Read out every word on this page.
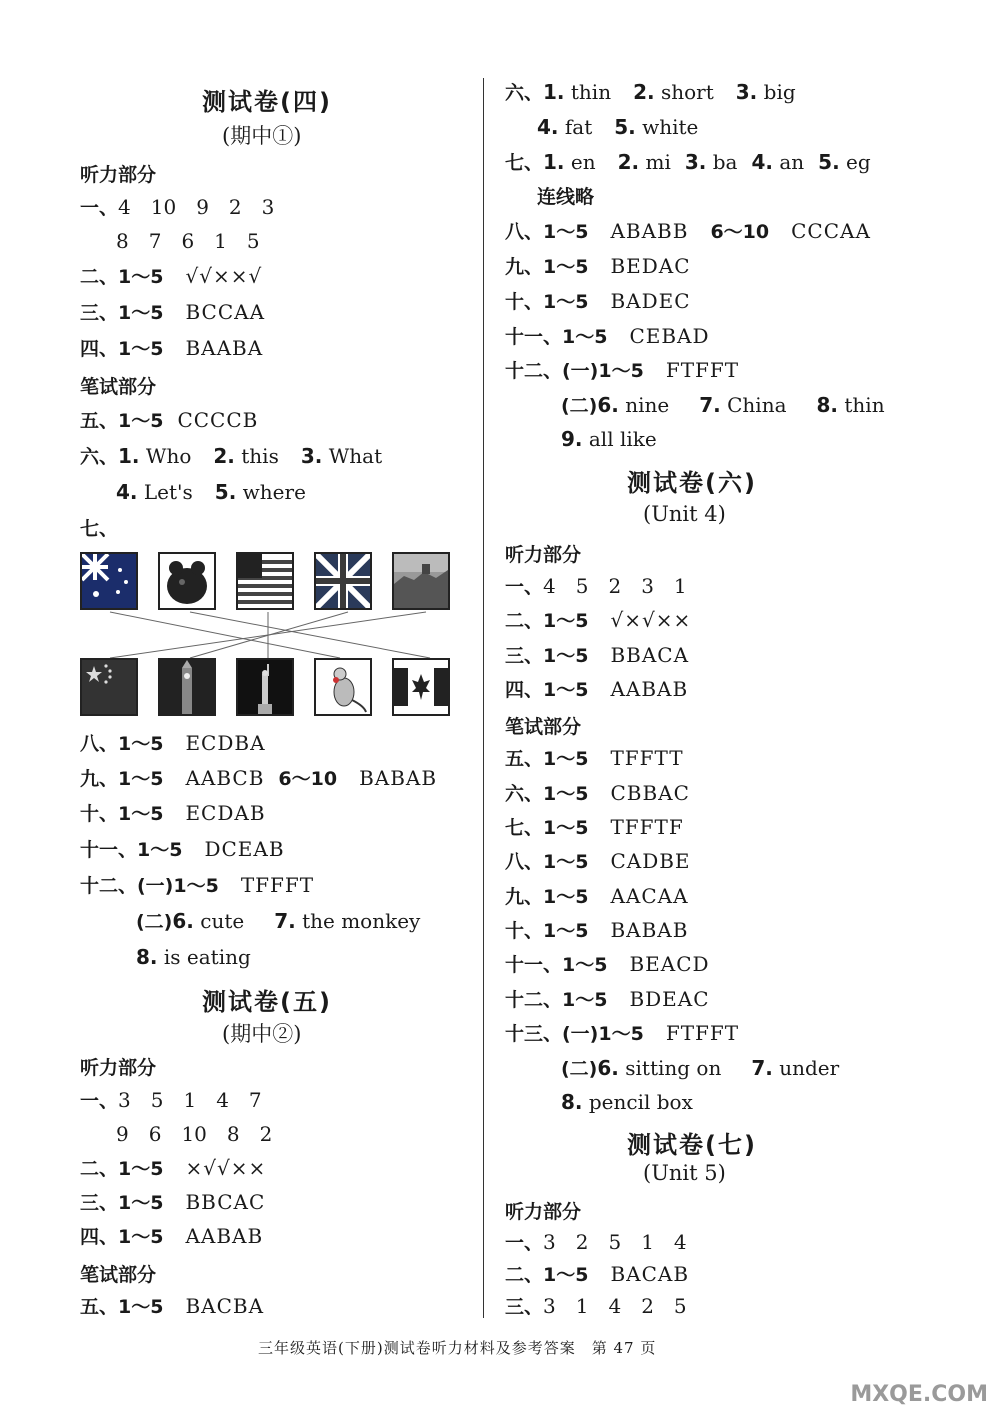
测试卷(四)
(期中①)
听力部分
一、4　10　9　2　3
8　7　6　1　5
二、1～5 √√××√
三、1～5 BCCAA
四、1～5 BAABA
笔试部分
五、1～5 CCCCB
六、1. Who 2. this 3. What
4. Let's 5. where
七、
八、1～5 ECDBA
九、1～5 AABCB 6～10 BABAB
十、1～5 ECDAB
十一、1～5 DCEAB
十二、(一)1～5 TFFFT
(二)6. cute 7. the monkey
8. is eating
测试卷(五)
(期中②)
听力部分
一、3　5　1　4　7
9　6　10　8　2
二、1～5 ×√√××
三、1～5 BBCAC
四、1～5 AABAB
笔试部分
五、1～5 BACBA
六、1. thin 2. short 3. big
4. fat 5. white
七、1. en 2. mi 3. ba 4. an 5. eg
连线略
八、1～5 ABABB 6～10 CCCAA
九、1～5 BEDAC
十、1～5 BADEC
十一、1～5 CEBAD
十二、(一)1～5 FTFFT
(二)6. nine 7. China 8. thin
9. all like
测试卷(六)
(Unit 4)
听力部分
一、4　5　2　3　1
二、1～5 √×√××
三、1～5 BBACA
四、1～5 AABAB
笔试部分
五、1～5 TFFTT
六、1～5 CBBAC
七、1～5 TFFTF
八、1～5 CADBE
九、1～5 AACAA
十、1～5 BABAB
十一、1～5 BEACD
十二、1～5 BDEAC
十三、(一)1～5 FTFFT
(二)6. sitting on 7. under
8. pencil box
测试卷(七)
(Unit 5)
听力部分
一、3　2　5　1　4
二、1～5 BACAB
三、3　1　4　2　5
三年级英语(下册)测试卷听力材料及参考答案　第 47 页
MXQE.COM
